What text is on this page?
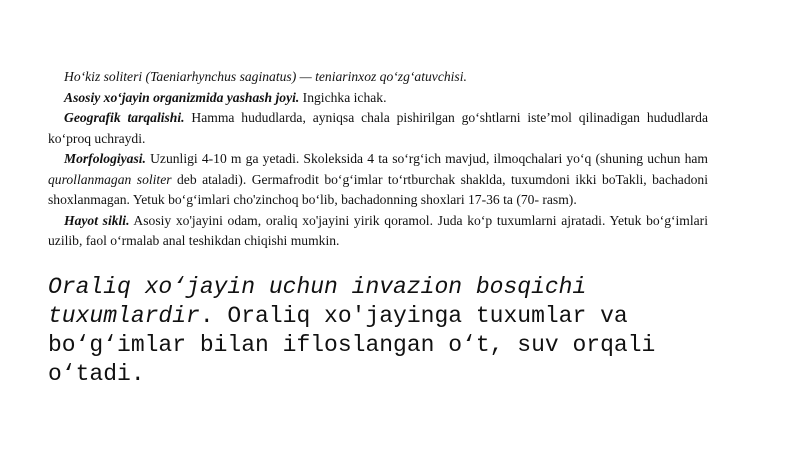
Ho‘kiz soliteri (Taeniarhynchus saginatus) — teniarinxoz qo‘zg‘atuvchisi.

Asosiy xo‘jayin organizmida yashash joyi. Ingichka ichak.

Geografik tarqalishi. Hamma hududlarda, ayniqsa chala pishirilgan go‘shtlarni iste’mol qilinadigan hududlarda ko‘proq uchraydi.

Morfologiyasi. Uzunligi 4-10 m ga yetadi. Skoleksida 4 ta so‘rg‘ich mavjud, ilmoqchalari yo‘q (shuning uchun ham qurollanmagan soliter deb ataladi). Germafrodit bo‘g‘imlar to‘rtburchak shaklda, tuxumdoni ikki boTakli, bachadoni shoxlanmagan. Yetuk bo‘g‘imlari cho'zinchoq bo‘lib, bachadonning shoxlari 17-36 ta (70- rasm).

Hayot sikli. Asosiy xo'jayini odam, oraliq xo'jayini yirik qoramol. Juda ko‘p tuxumlarni ajratadi. Yetuk bo‘g‘imlari uzilib, faol o‘rmalab anal teshikdan chiqishi mumkin.

Oraliq xo‘jayin uchun invazion bosqichi tuxumlardir. Oraliq xo'jayinga tuxumlar va bo‘g‘imlar bilan ifloslangan o‘t, suv orqali o‘tadi.
